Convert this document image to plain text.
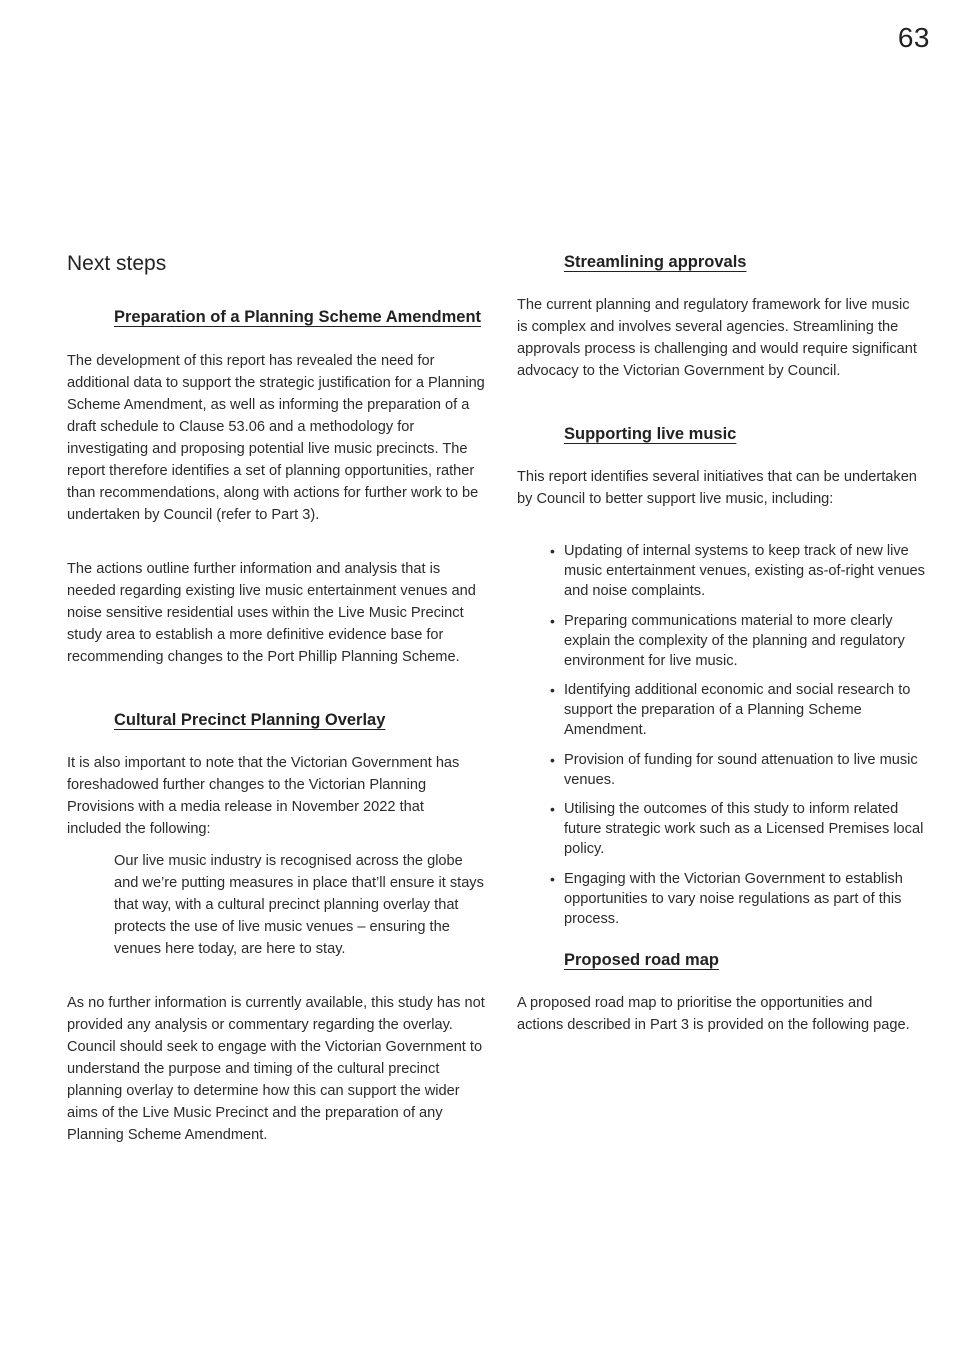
63
Next steps
Preparation of a Planning Scheme Amendment

The development of this report has revealed the need for additional data to support the strategic justification for a Planning Scheme Amendment, as well as informing the preparation of a draft schedule to Clause 53.06 and a methodology for investigating and proposing potential live music precincts. The report therefore identifies a set of planning opportunities, rather than recommendations, along with actions for further work to be undertaken by Council (refer to Part 3).

The actions outline further information and analysis that is needed regarding existing live music entertainment venues and noise sensitive residential uses within the Live Music Precinct study area to establish a more definitive evidence base for recommending changes to the Port Phillip Planning Scheme.

Cultural Precinct Planning Overlay

It is also important to note that the Victorian Government has foreshadowed further changes to the Victorian Planning Provisions with a media release in November 2022 that included the following:

Our live music industry is recognised across the globe and we’re putting measures in place that’ll ensure it stays that way, with a cultural precinct planning overlay that protects the use of live music venues – ensuring the venues here today, are here to stay.

As no further information is currently available, this study has not provided any analysis or commentary regarding the overlay. Council should seek to engage with the Victorian Government to understand the purpose and timing of the cultural precinct planning overlay to determine how this can support the wider aims of the Live Music Precinct and the preparation of any Planning Scheme Amendment.

Streamlining approvals

The current planning and regulatory framework for live music is complex and involves several agencies. Streamlining the approvals process is challenging and would require significant advocacy to the Victorian Government by Council.

Supporting live music

This report identifies several initiatives that can be undertaken by Council to better support live music, including:

• Updating of internal systems to keep track of new live music entertainment venues, existing as-of-right venues and noise complaints.
• Preparing communications material to more clearly explain the complexity of the planning and regulatory environment for live music.
• Identifying additional economic and social research to support the preparation of a Planning Scheme Amendment.
• Provision of funding for sound attenuation to live music venues.
• Utilising the outcomes of this study to inform related future strategic work such as a Licensed Premises local policy.
• Engaging with the Victorian Government to establish opportunities to vary noise regulations as part of this process.
Proposed road map

A proposed road map to prioritise the opportunities and actions described in Part 3 is provided on the following page.
